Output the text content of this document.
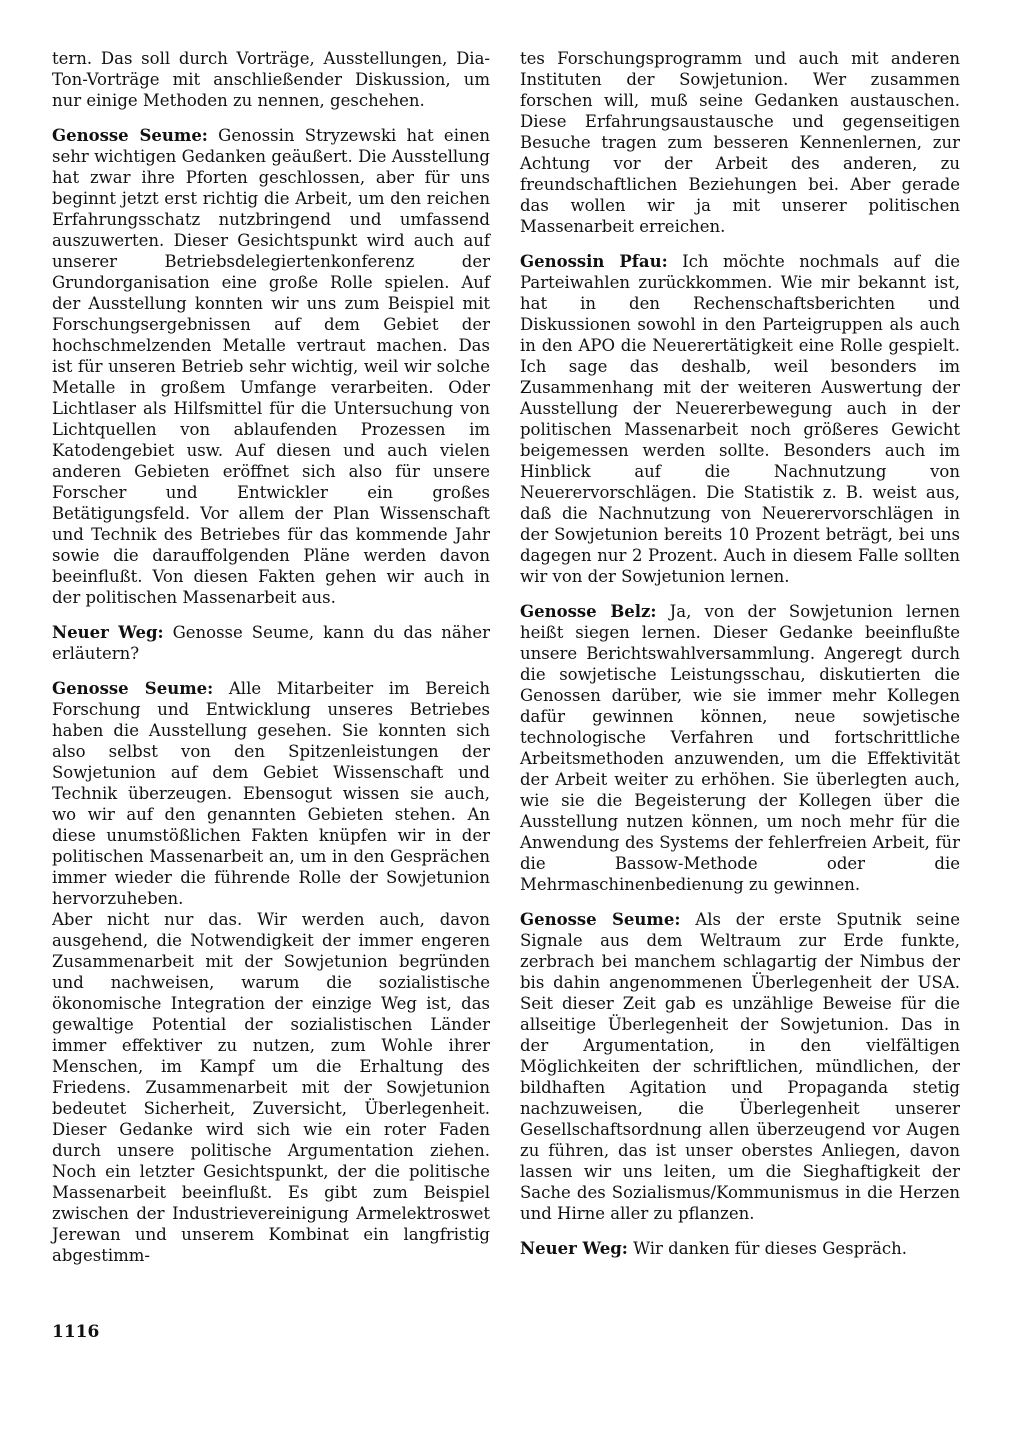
tern. Das soll durch Vorträge, Ausstellungen, Dia-Ton-Vorträge mit anschließender Diskussion, um nur einige Methoden zu nennen, geschehen.

Genosse Seume: Genossin Stryzewski hat einen sehr wichtigen Gedanken geäußert. Die Ausstellung hat zwar ihre Pforten geschlossen, aber für uns beginnt jetzt erst richtig die Arbeit, um den reichen Erfahrungsschatz nutzbringend und umfassend auszuwerten. Dieser Gesichtspunkt wird auch auf unserer Betriebsdelegiertenkonferenz der Grundorganisation eine große Rolle spielen. Auf der Ausstellung konnten wir uns zum Beispiel mit Forschungsergebnissen auf dem Gebiet der hochschmelzenden Metalle vertraut machen. Das ist für unseren Betrieb sehr wichtig, weil wir solche Metalle in großem Umfange verarbeiten. Oder Lichtlaser als Hilfsmittel für die Untersuchung von Lichtquellen von ablaufenden Prozessen im Katodengebiet usw. Auf diesen und auch vielen anderen Gebieten eröffnet sich also für unsere Forscher und Entwickler ein großes Betätigungsfeld. Vor allem der Plan Wissenschaft und Technik des Betriebes für das kommende Jahr sowie die darauffolgenden Pläne werden davon beeinflußt. Von diesen Fakten gehen wir auch in der politischen Massenarbeit aus.

Neuer Weg: Genosse Seume, kann du das näher erläutern?

Genosse Seume: Alle Mitarbeiter im Bereich Forschung und Entwicklung unseres Betriebes haben die Ausstellung gesehen. Sie konnten sich also selbst von den Spitzenleistungen der Sowjetunion auf dem Gebiet Wissenschaft und Technik überzeugen. Ebensogut wissen sie auch, wo wir auf den genannten Gebieten stehen. An diese unumstößlichen Fakten knüpfen wir in der politischen Massenarbeit an, um in den Gesprächen immer wieder die führende Rolle der Sowjetunion hervorzuheben.

Aber nicht nur das. Wir werden auch, davon ausgehend, die Notwendigkeit der immer engeren Zusammenarbeit mit der Sowjetunion begründen und nachweisen, warum die sozialistische ökonomische Integration der einzige Weg ist, das gewaltige Potential der sozialistischen Länder immer effektiver zu nutzen, zum Wohle ihrer Menschen, im Kampf um die Erhaltung des Friedens. Zusammenarbeit mit der Sowjetunion bedeutet Sicherheit, Zuversicht, Überlegenheit. Dieser Gedanke wird sich wie ein roter Faden durch unsere politische Argumentation ziehen. Noch ein letzter Gesichtspunkt, der die politische Massenarbeit beeinflußt. Es gibt zum Beispiel zwischen der Industrievereinigung Armelektroswet Jerewan und unserem Kombinat ein langfristig abgestimm-

tes Forschungsprogramm und auch mit anderen Instituten der Sowjetunion. Wer zusammen forschen will, muß seine Gedanken austauschen. Diese Erfahrungsaustausche und gegenseitigen Besuche tragen zum besseren Kennenlernen, zur Achtung vor der Arbeit des anderen, zu freundschaftlichen Beziehungen bei. Aber gerade das wollen wir ja mit unserer politischen Massenarbeit erreichen.

Genossin Pfau: Ich möchte nochmals auf die Parteiwahlen zurückkommen. Wie mir bekannt ist, hat in den Rechenschaftsberichten und Diskussionen sowohl in den Parteigruppen als auch in den APO die Neuerertätigkeit eine Rolle gespielt. Ich sage das deshalb, weil besonders im Zusammenhang mit der weiteren Auswertung der Ausstellung der Neuererbewegung auch in der politischen Massenarbeit noch größeres Gewicht beigemessen werden sollte. Besonders auch im Hinblick auf die Nachnutzung von Neuerervorschlägen. Die Statistik z. B. weist aus, daß die Nachnutzung von Neuerervorschlägen in der Sowjetunion bereits 10 Prozent beträgt, bei uns dagegen nur 2 Prozent. Auch in diesem Falle sollten wir von der Sowjetunion lernen.

Genosse Belz: Ja, von der Sowjetunion lernen heißt siegen lernen. Dieser Gedanke beeinflußte unsere Berichtswahlversammlung. Angeregt durch die sowjetische Leistungsschau, diskutierten die Genossen darüber, wie sie immer mehr Kollegen dafür gewinnen können, neue sowjetische technologische Verfahren und fortschrittliche Arbeitsmethoden anzuwenden, um die Effektivität der Arbeit weiter zu erhöhen. Sie überlegten auch, wie sie die Begeisterung der Kollegen über die Ausstellung nutzen können, um noch mehr für die Anwendung des Systems der fehlerfreien Arbeit, für die Bassow-Methode oder die Mehrmaschinenbedienung zu gewinnen.

Genosse Seume: Als der erste Sputnik seine Signale aus dem Weltraum zur Erde funkte, zerbrach bei manchem schlagartig der Nimbus der bis dahin angenommenen Überlegenheit der USA. Seit dieser Zeit gab es unzählige Beweise für die allseitige Überlegenheit der Sowjetunion. Das in der Argumentation, in den vielfältigen Möglichkeiten der schriftlichen, mündlichen, der bildhaften Agitation und Propaganda stetig nachzuweisen, die Überlegenheit unserer Gesellschaftsordnung allen überzeugend vor Augen zu führen, das ist unser oberstes Anliegen, davon lassen wir uns leiten, um die Sieghaftigkeit der Sache des Sozialismus/Kommunismus in die Herzen und Hirne aller zu pflanzen.

Neuer Weg: Wir danken für dieses Gespräch.

1116
